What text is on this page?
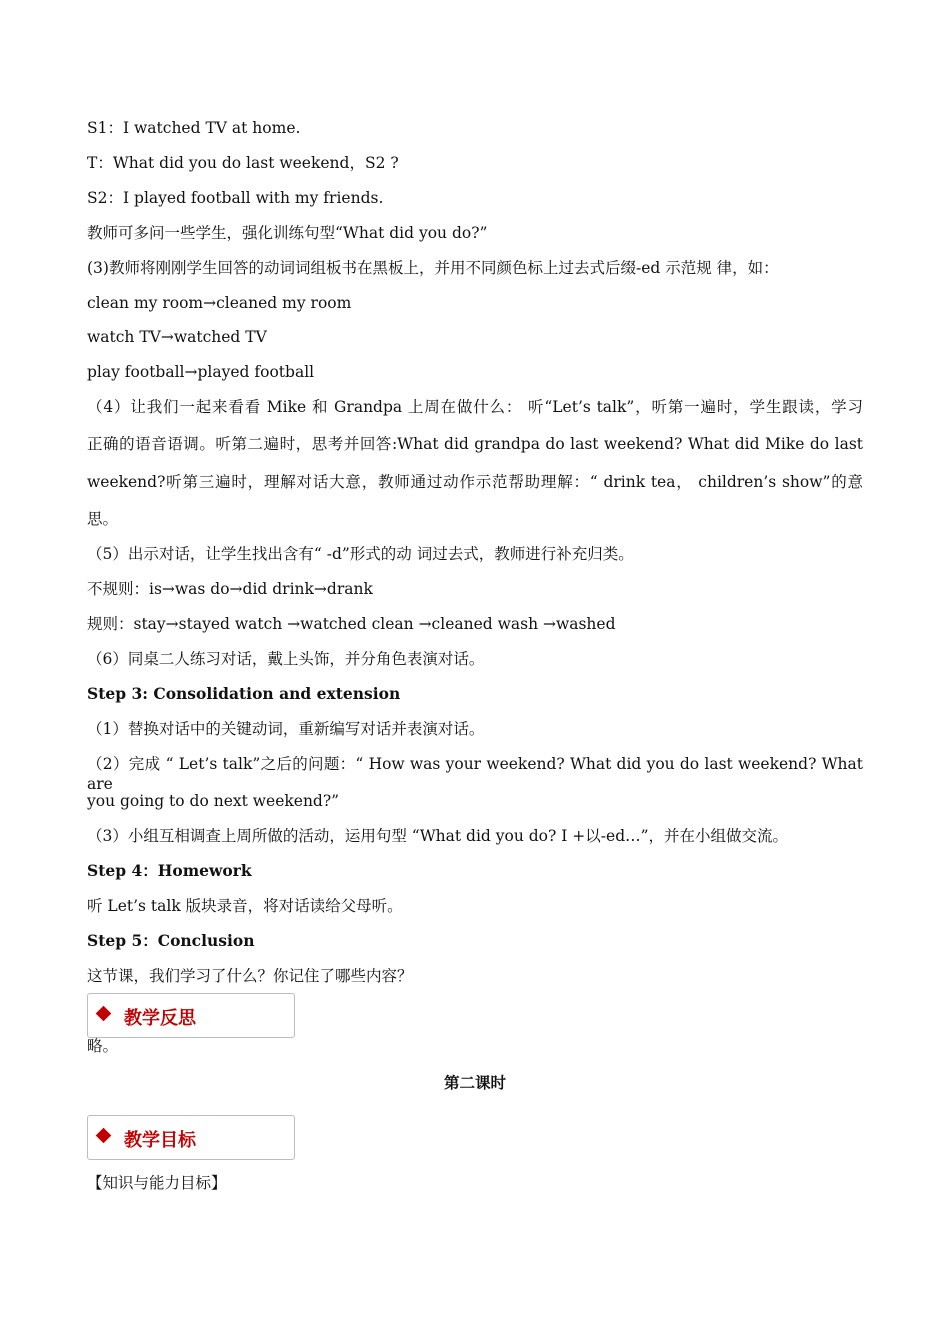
S1：I watched TV at home.
T：What did you do last weekend，S2 ?
S2：I played football with my friends.
教师可多问一些学生，强化训练句型“What did you do?”
(3)教师将刚刚学生回答的动词词组板书在黑板上，并用不同颜色标上过去式后缀-ed 示范规 律，如：
clean my room→cleaned my room
watch TV→watched TV
play football→played football
（4）让我们一起来看看 Mike 和 Grandpa 上周在做什么： 听“Let’s talk”，听第一遍时，学生跟读，学习
正确的语音语调。听第二遍时，思考并回答:What did grandpa do last weekend? What did Mike do last
weekend?听第三遍时，理解对话大意，教师通过动作示范帮助理解：“ drink tea， children’s show”的意
思。
（5）出示对话，让学生找出含有“ -d”形式的动 词过去式，教师进行补充归类。
不规则：is→was do→did drink→drank
规则：stay→stayed watch →watched clean →cleaned wash →washed
（6）同桌二人练习对话，戴上头饰，并分角色表演对话。
Step 3: Consolidation and extension
（1）替换对话中的关键动词，重新编写对话并表演对话。
（2）完成 “ Let’s talk”之后的问题：“ How was your weekend? What did you do last weekend? What are
you going to do next weekend?”
（3）小组互相调查上周所做的活动，运用句型 “What did you do? I +以-ed…”，并在小组做交流。
Step 4：Homework
听 Let’s talk 版块录音，将对话读给父母听。
Step 5：Conclusion
这节课，我们学习了什么？你记住了哪些内容？
教学反思
略。
第二课时
教学目标
【知识与能力目标】
